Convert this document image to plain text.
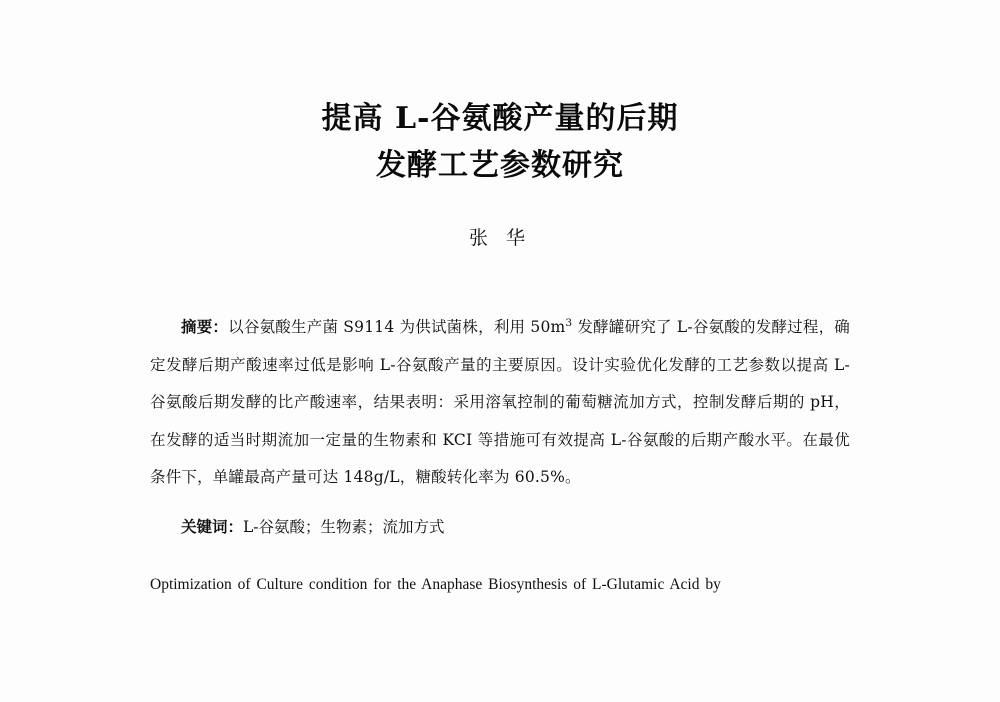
提高 L-谷氨酸产量的后期
发酵工艺参数研究
张 华

摘要：以谷氨酸生产菌 S9114 为供试菌株，利用 $50m^3$ 发酵罐研究了 L-谷氨酸的发酵过程，确定发酵后期产酸速率过低是影响 L-谷氨酸产量的主要原因。设计实验优化发酵的工艺参数以提高 L-谷氨酸后期发酵的比产酸速率，结果表明：采用溶氧控制的葡萄糖流加方式，控制发酵后期的 pH，在发酵的适当时期流加一定量的生物素和 KCI 等措施可有效提高 L-谷氨酸的后期产酸水平。在最优条件下，单罐最高产量可达 148g/L，糖酸转化率为 60.5%。

关键词：L-谷氨酸；生物素；流加方式

Optimization of Culture condition for the Anaphase Biosynthesis of L-Glutamic Acid by
